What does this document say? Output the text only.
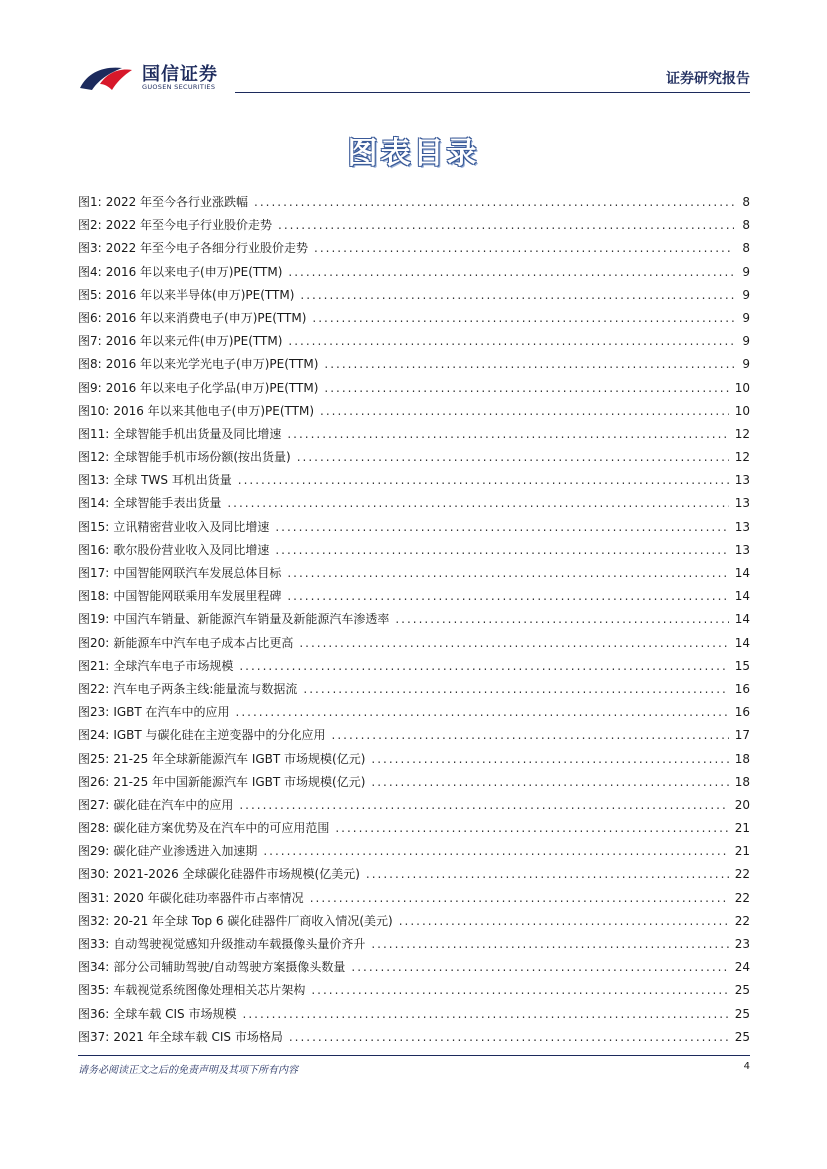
国信证券
GUOSEN SECURITIES	证券研究报告
图表目录
图1: 2022 年至今各行业涨跌幅 .....	8
图2: 2022 年至今电子行业股价走势 .....	8
图3: 2022 年至今电子各细分行业股价走势 .....	8
图4: 2016 年以来电子(申万)PE(TTM) .....	9
图5: 2016 年以来半导体(申万)PE(TTM) .....	9
图6: 2016 年以来消费电子(申万)PE(TTM) .....	9
图7: 2016 年以来元件(申万)PE(TTM) .....	9
图8: 2016 年以来光学光电子(申万)PE(TTM) .....	9
图9: 2016 年以来电子化学品(申万)PE(TTM) .....	10
图10: 2016 年以来其他电子(申万)PE(TTM) .....	10
图11: 全球智能手机出货量及同比增速 .....	12
图12: 全球智能手机市场份额(按出货量) .....	12
图13: 全球 TWS 耳机出货量 .....	13
图14: 全球智能手表出货量 .....	13
图15: 立讯精密营业收入及同比增速 .....	13
图16: 歌尔股份营业收入及同比增速 .....	13
图17: 中国智能网联汽车发展总体目标 .....	14
图18: 中国智能网联乘用车发展里程碑 .....	14
图19: 中国汽车销量、新能源汽车销量及新能源汽车渗透率 .....	14
图20: 新能源车中汽车电子成本占比更高 .....	14
图21: 全球汽车电子市场规模 .....	15
图22: 汽车电子两条主线:能量流与数据流 .....	16
图23: IGBT 在汽车中的应用 .....	16
图24: IGBT 与碳化硅在主逆变器中的分化应用 .....	17
图25: 21-25 年全球新能源汽车 IGBT 市场规模(亿元) .....	18
图26: 21-25 年中国新能源汽车 IGBT 市场规模(亿元) .....	18
图27: 碳化硅在汽车中的应用 .....	20
图28: 碳化硅方案优势及在汽车中的可应用范围 .....	21
图29: 碳化硅产业渗透进入加速期 .....	21
图30: 2021-2026 全球碳化硅器件市场规模(亿美元) .....	22
图31: 2020 年碳化硅功率器件市占率情况 .....	22
图32: 20-21 年全球 Top 6 碳化硅器件厂商收入情况(美元) .....	22
图33: 自动驾驶视觉感知升级推动车载摄像头量价齐升 .....	23
图34: 部分公司辅助驾驶/自动驾驶方案摄像头数量 .....	24
图35: 车载视觉系统图像处理相关芯片架构 .....	25
图36: 全球车载 CIS 市场规模 .....	25
图37: 2021 年全球车载 CIS 市场格局 .....	25
请务必阅读正文之后的免责声明及其项下所有内容	4
